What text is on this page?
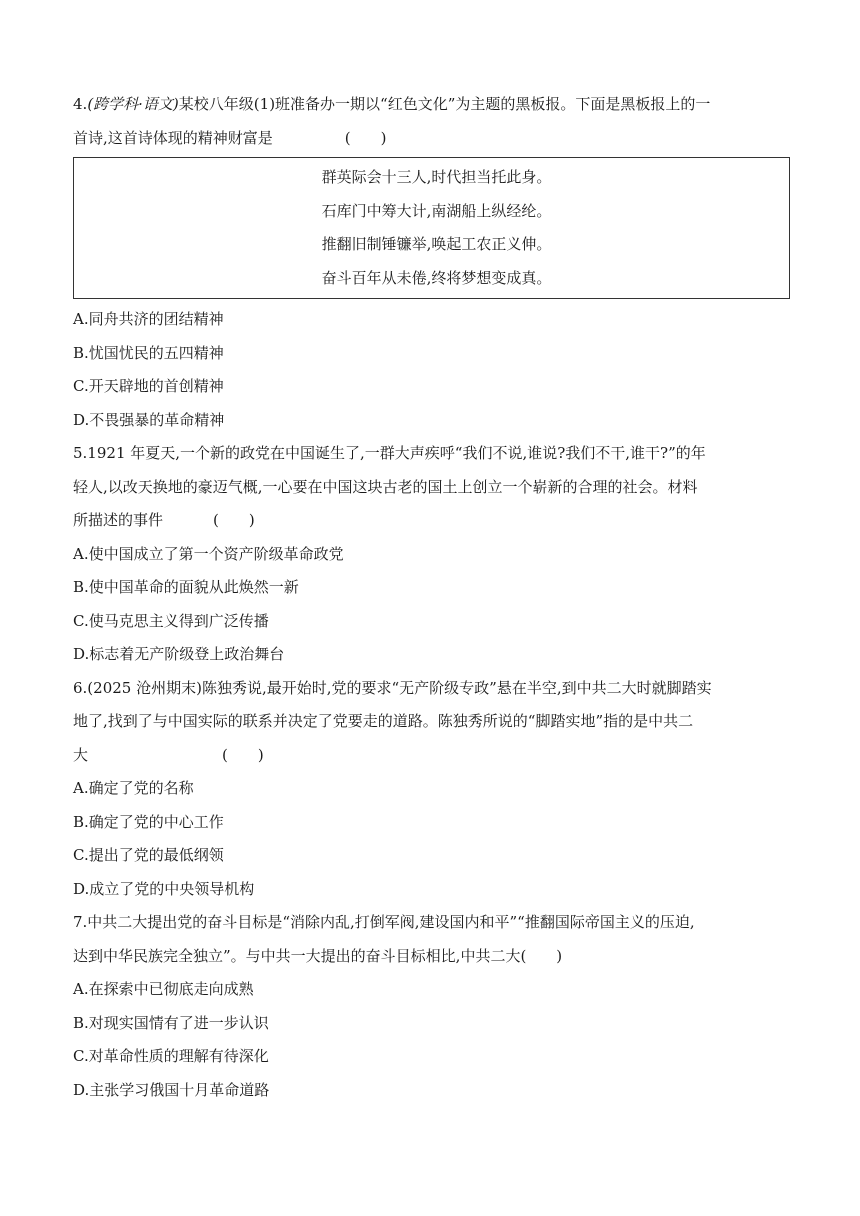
4.(跨学科·语文)某校八年级(1)班准备办一期以“红色文化”为主题的黑板报。下面是黑板报上的一
首诗,这首诗体现的精神财富是	(　　)
群英际会十三人,时代担当托此身。
石库门中筹大计,南湖船上纵经纶。
推翻旧制锤镰举,唤起工农正义伸。
奋斗百年从未倦,终将梦想变成真。
A.同舟共济的团结精神
B.忧国忧民的五四精神
C.开天辟地的首创精神
D.不畏强暴的革命精神
5.1921 年夏天,一个新的政党在中国诞生了,一群大声疾呼“我们不说,谁说?我们不干,谁干?”的年
轻人,以改天换地的豪迈气概,一心要在中国这块古老的国土上创立一个崭新的合理的社会。材料
所描述的事件	(　　)
A.使中国成立了第一个资产阶级革命政党
B.使中国革命的面貌从此焕然一新
C.使马克思主义得到广泛传播
D.标志着无产阶级登上政治舞台
6.(2025 沧州期末)陈独秀说,最开始时,党的要求“无产阶级专政”悬在半空,到中共二大时就脚踏实
地了,找到了与中国实际的联系并决定了党要走的道路。陈独秀所说的“脚踏实地”指的是中共二
大	(　　)
A.确定了党的名称
B.确定了党的中心工作
C.提出了党的最低纲领
D.成立了党的中央领导机构
7.中共二大提出党的奋斗目标是“消除内乱,打倒军阀,建设国内和平”“推翻国际帝国主义的压迫,
达到中华民族完全独立”。与中共一大提出的奋斗目标相比,中共二大(　　)
A.在探索中已彻底走向成熟
B.对现实国情有了进一步认识
C.对革命性质的理解有待深化
D.主张学习俄国十月革命道路
